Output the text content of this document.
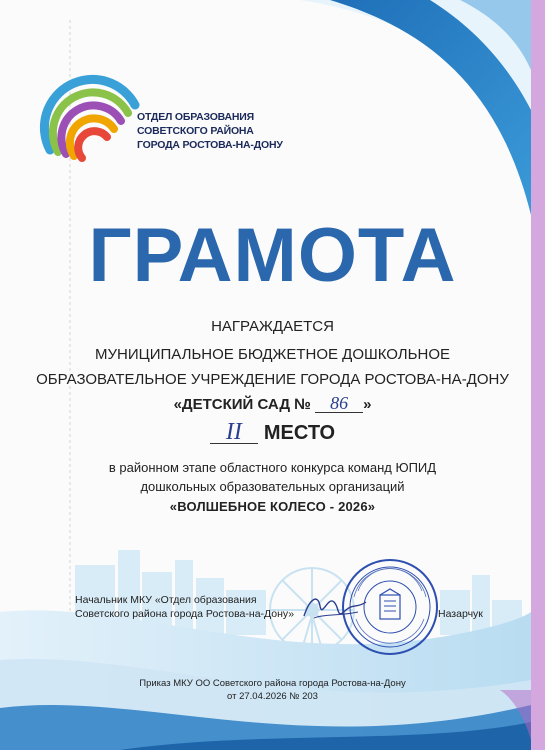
ОТДЕЛ ОБРАЗОВАНИЯ
СОВЕТСКОГО РАЙОНА
ГОРОДА РОСТОВА-НА-ДОНУ
ГРАМОТА
НАГРАЖДАЕТСЯ
МУНИЦИПАЛЬНОЕ БЮДЖЕТНОЕ ДОШКОЛЬНОЕ
ОБРАЗОВАТЕЛЬНОЕ УЧРЕЖДЕНИЕ ГОРОДА РОСТОВА-НА-ДОНУ
«ДЕТСКИЙ САД № 86 »
II МЕСТО
в районном этапе областного конкурса команд ЮПИД
дошкольных образовательных организаций
«ВОЛШЕБНОЕ КОЛЕСО - 2026»
Начальник МКУ «Отдел образования
Советского района города Ростова-на-Дону»	Назарчук
Приказ МКУ ОО Советского района города Ростова-на-Дону
от 27.04.2026 № 203
